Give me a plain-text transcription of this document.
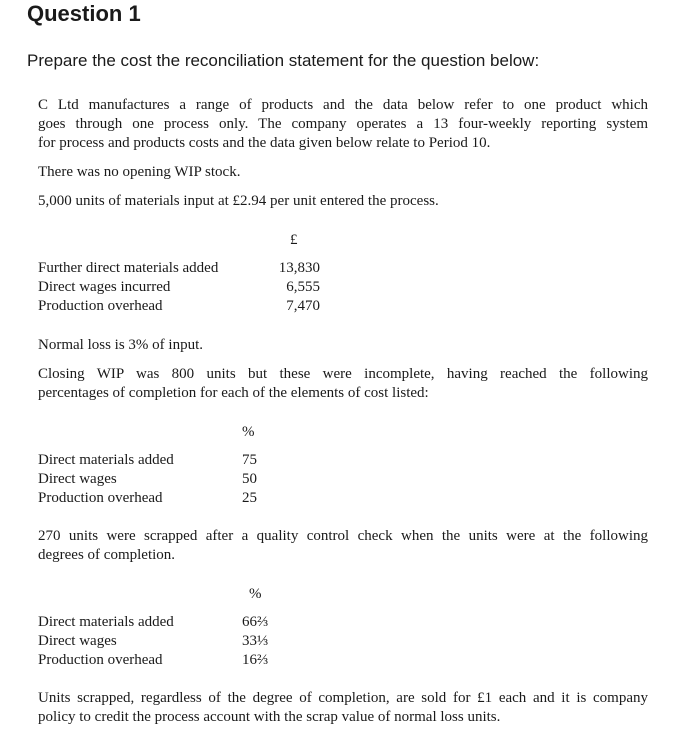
Question 1

Prepare the cost the reconciliation statement for the question below:

C Ltd manufactures a range of products and the data below refer to one product which
goes through one process only. The company operates a 13 four-weekly reporting system
for process and products costs and the data given below relate to Period 10.

There was no opening WIP stock.

5,000 units of materials input at £2.94 per unit entered the process.

£
Further direct materials added	13,830
Direct wages incurred	6,555
Production overhead	7,470

Normal loss is 3% of input.

Closing WIP was 800 units but these were incomplete, having reached the following
percentages of completion for each of the elements of cost listed:

%
Direct materials added	75
Direct wages	50
Production overhead	25

270 units were scrapped after a quality control check when the units were at the following
degrees of completion.

%
Direct materials added	66⅔
Direct wages	33⅓
Production overhead	16⅔

Units scrapped, regardless of the degree of completion, are sold for £1 each and it is company
policy to credit the process account with the scrap value of normal loss units.
